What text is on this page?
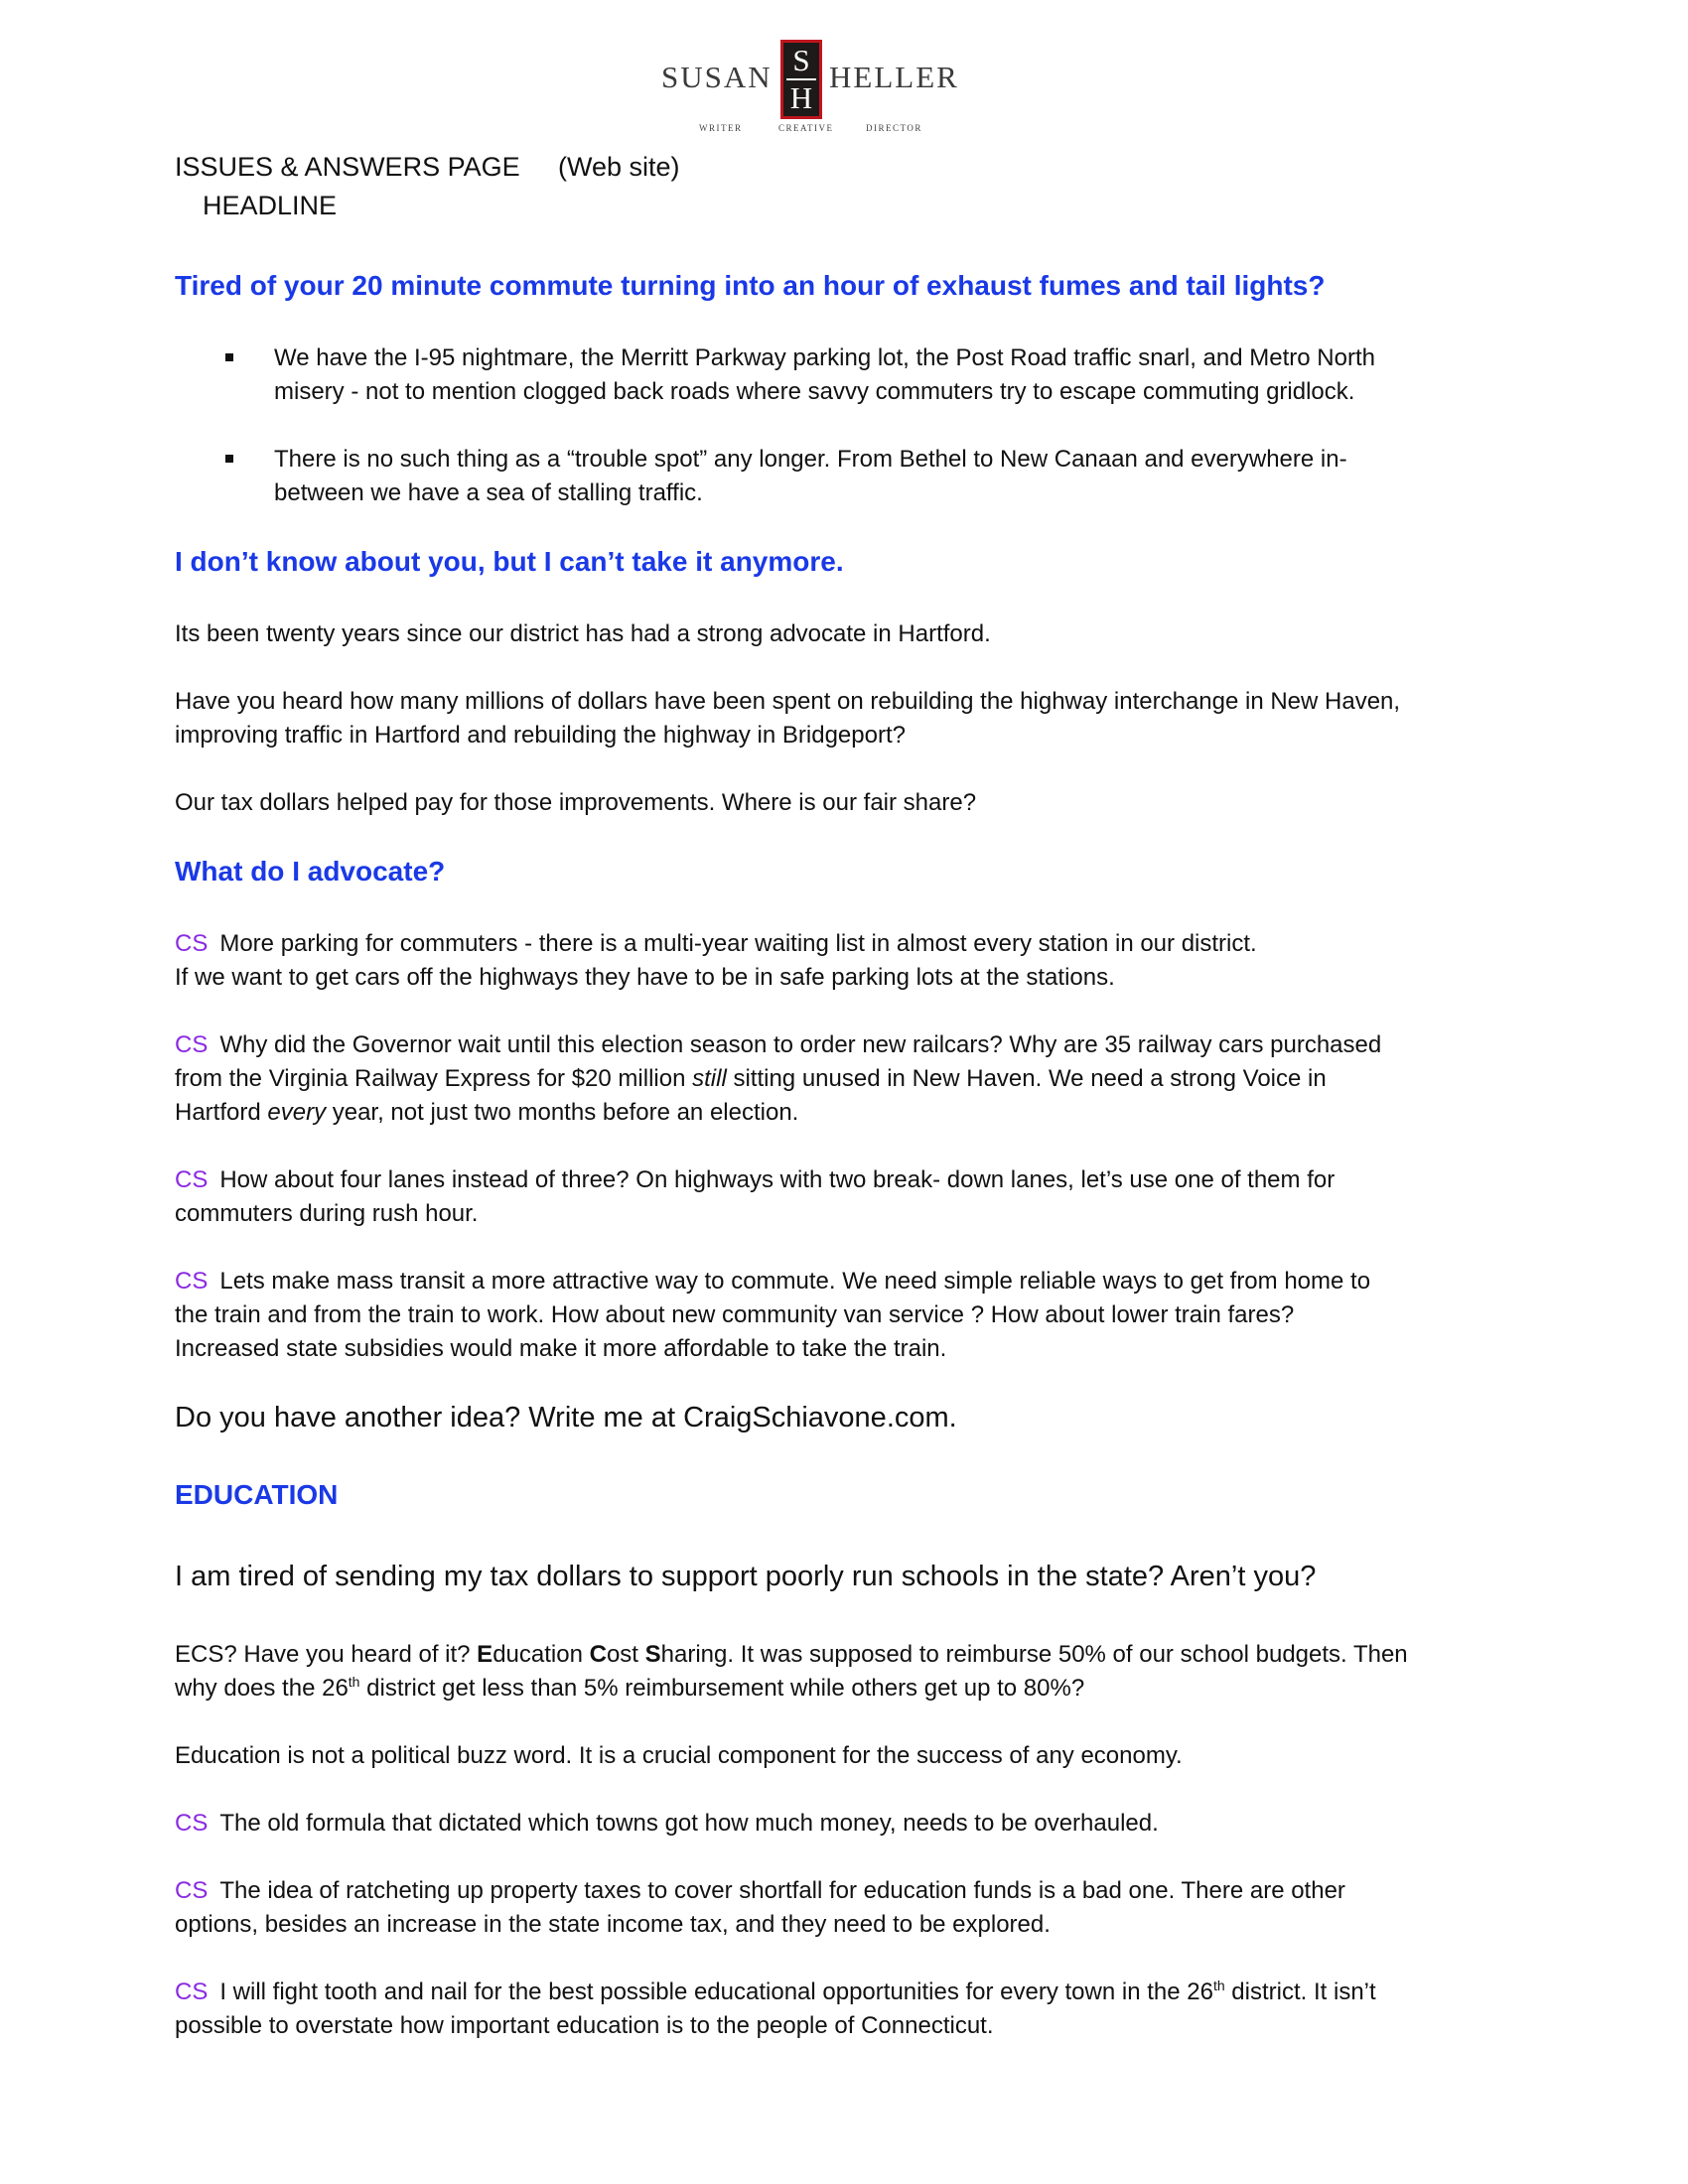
SUSAN S
H
HELLER
WRITER	CREATIVE	DIRECTOR
ISSUES & ANSWERS PAGE (Web site)
HEADLINE
Tired of your 20 minute commute turning into an hour of exhaust fumes and tail lights?

We have the I-95 nightmare, the Merritt Parkway parking lot, the Post Road traffic snarl, and Metro North

misery - not to mention clogged back roads where savvy commuters try to escape commuting gridlock.

There is no such thing as a “trouble spot” any longer. From Bethel to New Canaan and everywhere in-

between we have a sea of stalling traffic.

I don’t know about you, but I can’t take it anymore.
Its been twenty years since our district has had a strong advocate in Hartford.

Have you heard how many millions of dollars have been spent on rebuilding the highway interchange in New Haven,

improving traffic in Hartford and rebuilding the highway in Bridgeport?

Our tax dollars helped pay for those improvements. Where is our fair share?
What do I advocate?

CS More parking for commuters - there is a multi-year waiting list in almost every station in our district.

If we want to get cars off the highways they have to be in safe parking lots at the stations.

CS Why did the Governor wait until this election season to order new railcars? Why are 35 railway cars purchased

from the Virginia Railway Express for $20 million still sitting unused in New Haven. We need a strong Voice in

Hartford every year, not just two months before an election.

CS How about four lanes instead of three? On highways with two break- down lanes, let’s use one of them for

commuters during rush hour.

CS Lets make mass transit a more attractive way to commute. We need simple reliable ways to get from home to

the train and from the train to work. How about new community van service ? How about lower train fares?

Increased state subsidies would make it more affordable to take the train.

Do you have another idea? Write me at CraigSchiavone.com.
EDUCATION
I am tired of sending my tax dollars to support poorly run schools in the state? Aren’t you?

ECS? Have you heard of it? Education Cost Sharing. It was supposed to reimburse 50% of our school budgets. Then

why does the 26th district get less than 5% reimbursement while others get up to 80%?

Education is not a political buzz word. It is a crucial component for the success of any economy.

CS The old formula that dictated which towns got how much money, needs to be overhauled.

CS The idea of ratcheting up property taxes to cover shortfall for education funds is a bad one. There are other

options, besides an increase in the state income tax, and they need to be explored.

CS I will fight tooth and nail for the best possible educational opportunities for every town in the 26th district. It isn’t

possible to overstate how important education is to the people of Connecticut.
